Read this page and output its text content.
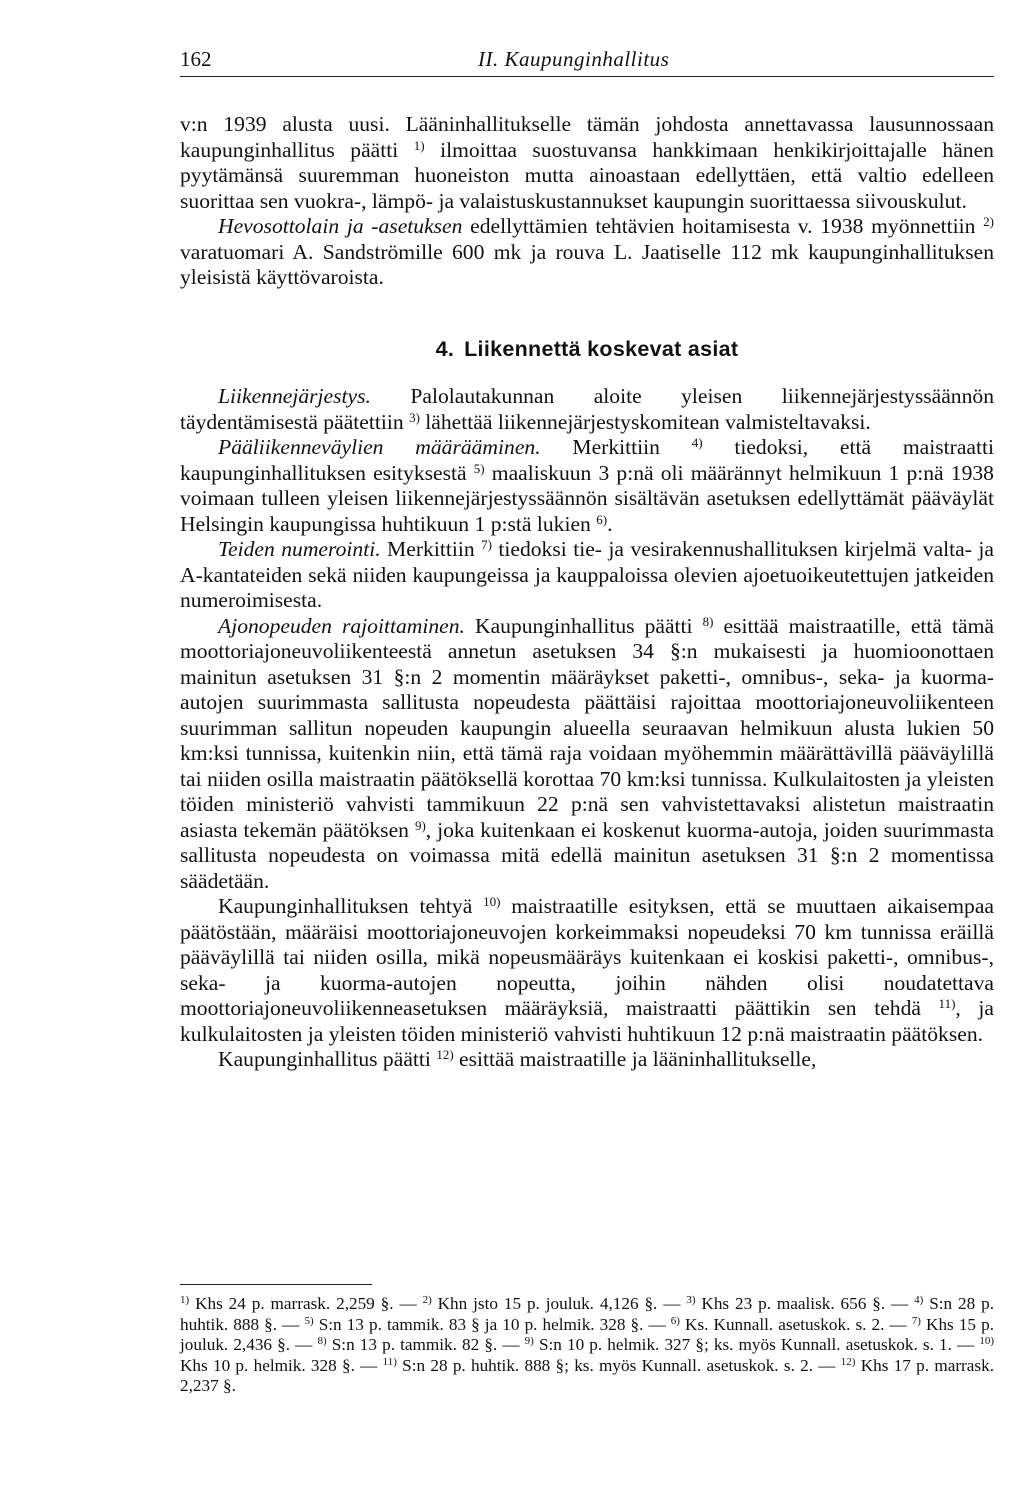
162	II. Kaupunginhallitus

v:n 1939 alusta uusi. Lääninhallitukselle tämän johdosta annettavassa lausunnossaan kaupunginhallitus päätti $^{1)}$ ilmoittaa suostuvansa hankkimaan henkikirjoittajalle hänen pyytämänsä suuremman huoneiston mutta ainoastaan edellyttäen, että valtio edelleen suorittaa sen vuokra-, lämpö- ja valaistuskustannukset kaupungin suorittaessa siivouskulut.

Hevosottolain ja -asetuksen edellyttämien tehtävien hoitamisesta v. 1938 myönnettiin $^{2)}$ varatuomari A. Sandströmille 600 mk ja rouva L. Jaatiselle 112 mk kaupunginhallituksen yleisistä käyttövaroista.

4. Liikennettä koskevat asiat

Liikennejärjestys. Palolautakunnan aloite yleisen liikennejärjestyssäännön täydentämisestä päätettiin $^{3)}$ lähettää liikennejärjestyskomitean valmisteltavaksi.

Pääliikenneväylien määrääminen. Merkittiin $^{4)}$ tiedoksi, että maistraatti kaupunginhallituksen esityksestä $^{5)}$ maaliskuun 3 p:nä oli määrännyt helmikuun 1 p:nä 1938 voimaan tulleen yleisen liikennejärjestyssäännön sisältävän asetuksen edellyttämät pääväylät Helsingin kaupungissa huhtikuun 1 p:stä lukien $^{6)}$.

Teiden numerointi. Merkittiin $^{7)}$ tiedoksi tie- ja vesirakennushallituksen kirjelmä valta- ja A-kantateiden sekä niiden kaupungeissa ja kauppaloissa olevien ajoetuoikeutettujen jatkeiden numeroimisesta.

Ajonopeuden rajoittaminen. Kaupunginhallitus päätti $^{8)}$ esittää maistraatille, että tämä moottoriajoneuvoliikenteestä annetun asetuksen 34 §:n mukaisesti ja huomioonottaen mainitun asetuksen 31 §:n 2 momentin määräykset paketti-, omnibus-, seka- ja kuorma-autojen suurimmasta sallitusta nopeudesta päättäisi rajoittaa moottoriajoneuvoliikenteen suurimman sallitun nopeuden kaupungin alueella seuraavan helmikuun alusta lukien 50 km:ksi tunnissa, kuitenkin niin, että tämä raja voidaan myöhemmin määrättävillä pääväylillä tai niiden osilla maistraatin päätöksellä korottaa 70 km:ksi tunnissa. Kulkulaitosten ja yleisten töiden ministeriö vahvisti tammikuun 22 p:nä sen vahvistettavaksi alistetun maistraatin asiasta tekemän päätöksen $^{9)}$, joka kuitenkaan ei koskenut kuorma-autoja, joiden suurimmasta sallitusta nopeudesta on voimassa mitä edellä mainitun asetuksen 31 §:n 2 momentissa säädetään.

Kaupunginhallituksen tehtyä $^{10)}$ maistraatille esityksen, että se muuttaen aikaisempaa päätöstään, määräisi moottoriajoneuvojen korkeimmaksi nopeudeksi 70 km tunnissa eräillä pääväylillä tai niiden osilla, mikä nopeusmääräys kuitenkaan ei koskisi paketti-, omnibus-, seka- ja kuorma-autojen nopeutta, joihin nähden olisi noudatettava moottoriajoneuvoliikenneasetuksen määräyksiä, maistraatti päättikin sen tehdä $^{11)}$, ja kulkulaitosten ja yleisten töiden ministeriö vahvisti huhtikuun 12 p:nä maistraatin päätöksen.

Kaupunginhallitus päätti $^{12)}$ esittää maistraatille ja lääninhallitukselle,

$^{1)}$ Khs 24 p. marrask. 2,259 §. — $^{2)}$ Khn jsto 15 p. jouluk. 4,126 §. — $^{3)}$ Khs 23 p. maalisk. 656 §. — $^{4)}$ S:n 28 p. huhtik. 888 §. — $^{5)}$ S:n 13 p. tammik. 83 § ja 10 p. helmik. 328 §. — $^{6)}$ Ks. Kunnall. asetuskok. s. 2. — $^{7)}$ Khs 15 p. jouluk. 2,436 §. — $^{8)}$ S:n 13 p. tammik. 82 §. — $^{9)}$ S:n 10 p. helmik. 327 §; ks. myös Kunnall. asetuskok. s. 1. — $^{10)}$ Khs 10 p. helmik. 328 §. — $^{11)}$ S:n 28 p. huhtik. 888 §; ks. myös Kunnall. asetuskok. s. 2. — $^{12)}$ Khs 17 p. marrask. 2,237 §.
